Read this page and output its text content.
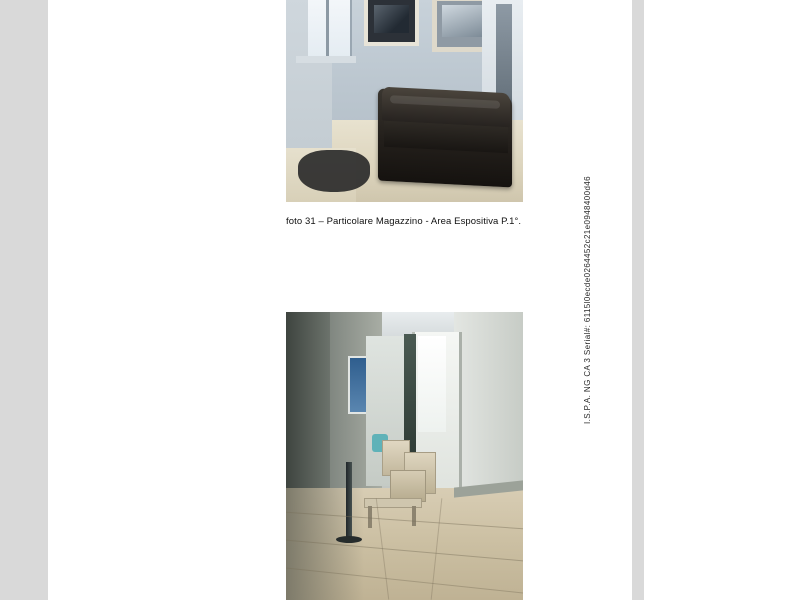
foto 31 – Particolare Magazzino - Area Espositiva P.1°.	I.S.P.A. NG CA 3 Serial#: 6115l0ecde0264452c21e0948400d46
